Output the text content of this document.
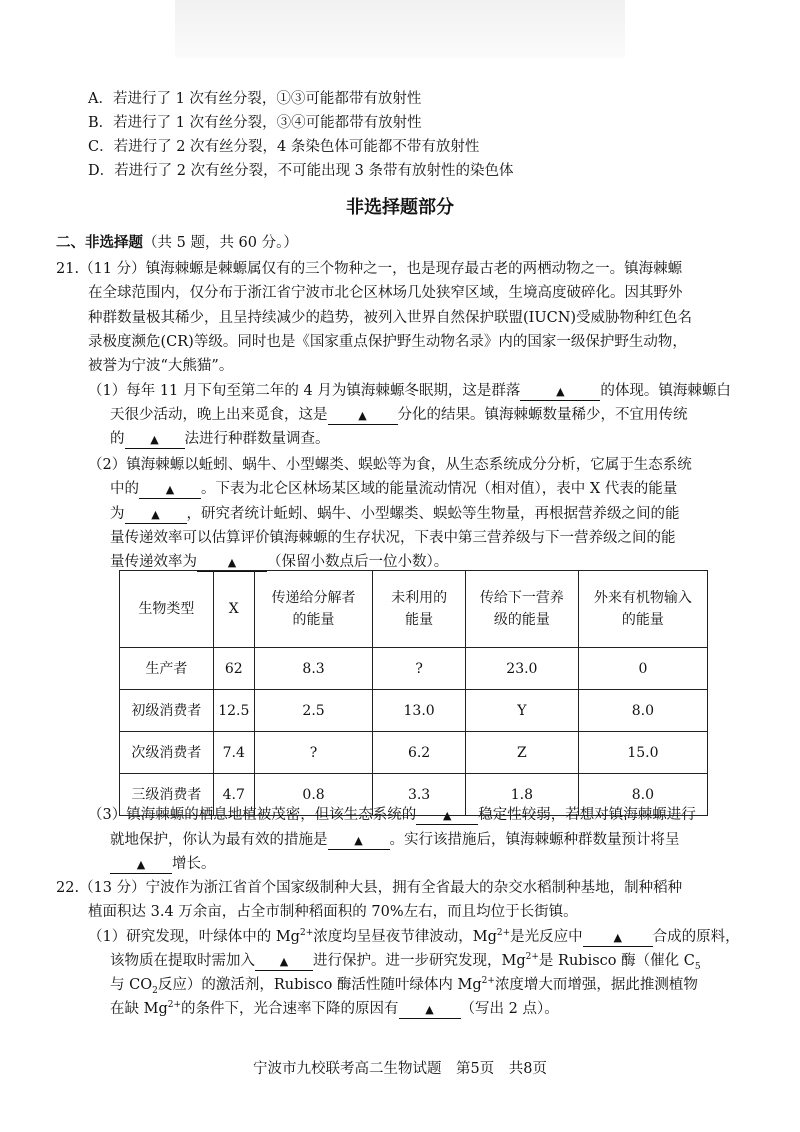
A．若进行了 1 次有丝分裂，①③可能都带有放射性
B．若进行了 1 次有丝分裂，③④可能都带有放射性
C．若进行了 2 次有丝分裂，4 条染色体可能都不带有放射性
D．若进行了 2 次有丝分裂，不可能出现 3 条带有放射性的染色体
非选择题部分
二、非选择题（共 5 题，共 60 分。）
21.（11 分）镇海棘螈是棘螈属仅有的三个物种之一，也是现存最古老的两栖动物之一。镇海棘螈
在全球范围内，仅分布于浙江省宁波市北仑区林场几处狭窄区域，生境高度破碎化。因其野外
种群数量极其稀少，且呈持续减少的趋势，被列入世界自然保护联盟(IUCN)受威胁物种红色名
录极度濒危(CR)等级。同时也是《国家重点保护野生动物名录》内的国家一级保护野生动物，
被誉为宁波“大熊猫”。
（1）每年 11 月下旬至第二年的 4 月为镇海棘螈冬眠期，这是群落	▲ 的体现。镇海棘螈白
天很少活动，晚上出来觅食，这是	▲ 分化的结果。镇海棘螈数量稀少，不宜用传统
的 ▲ 法进行种群数量调查。
（2）镇海棘螈以蚯蚓、蜗牛、小型螺类、蜈蚣等为食，从生态系统成分分析，它属于生态系统
中的 ▲ 。下表为北仑区林场某区域的能量流动情况（相对值），表中 X 代表的能量
为 ▲ ，研究者统计蚯蚓、蜗牛、小型螺类、蜈蚣等生物量，再根据营养级之间的能
量传递效率可以估算评价镇海棘螈的生存状况，下表中第三营养级与下一营养级之间的能
量传递效率为	▲ （保留小数点后一位小数）。
生物类型	X	传递给分解者的能量	未利用的能量	传给下一营养级的能量	外来有机物输入的能量
生产者	62	8.3	?	23.0	0
初级消费者	12.5	2.5	13.0	Y	8.0
次级消费者	7.4	?	6.2	Z	15.0
三级消费者	4.7	0.8	3.3	1.8	8.0
（3）镇海棘螈的栖息地植被茂密，但该生态系统的 ▲ 稳定性较弱，若想对镇海棘螈进行
就地保护，你认为最有效的措施是 ▲ 。实行该措施后，镇海棘螈种群数量预计将呈
▲ 增长。
22.（13 分）宁波作为浙江省首个国家级制种大县，拥有全省最大的杂交水稻制种基地，制种稻种
植面积达 3.4 万余亩，占全市制种稻面积的 70%左右，而且均位于长街镇。
（1）研究发现，叶绿体中的 $Mg^{2+}$浓度均呈昼夜节律波动，$Mg^{2+}$是光反应中	▲ 合成的原料，
该物质在提取时需加入 ▲ 进行保护。进一步研究发现，$Mg^{2+}$是 Rubisco 酶（催化 $C_5$
与 $CO_2$反应）的激活剂，Rubisco 酶活性随叶绿体内 $Mg^{2+}$浓度增大而增强，据此推测植物
在缺 $Mg^{2+}$的条件下，光合速率下降的原因有 ▲ （写出 2 点）。
宁波市九校联考高二生物试题　第5页　共8页
